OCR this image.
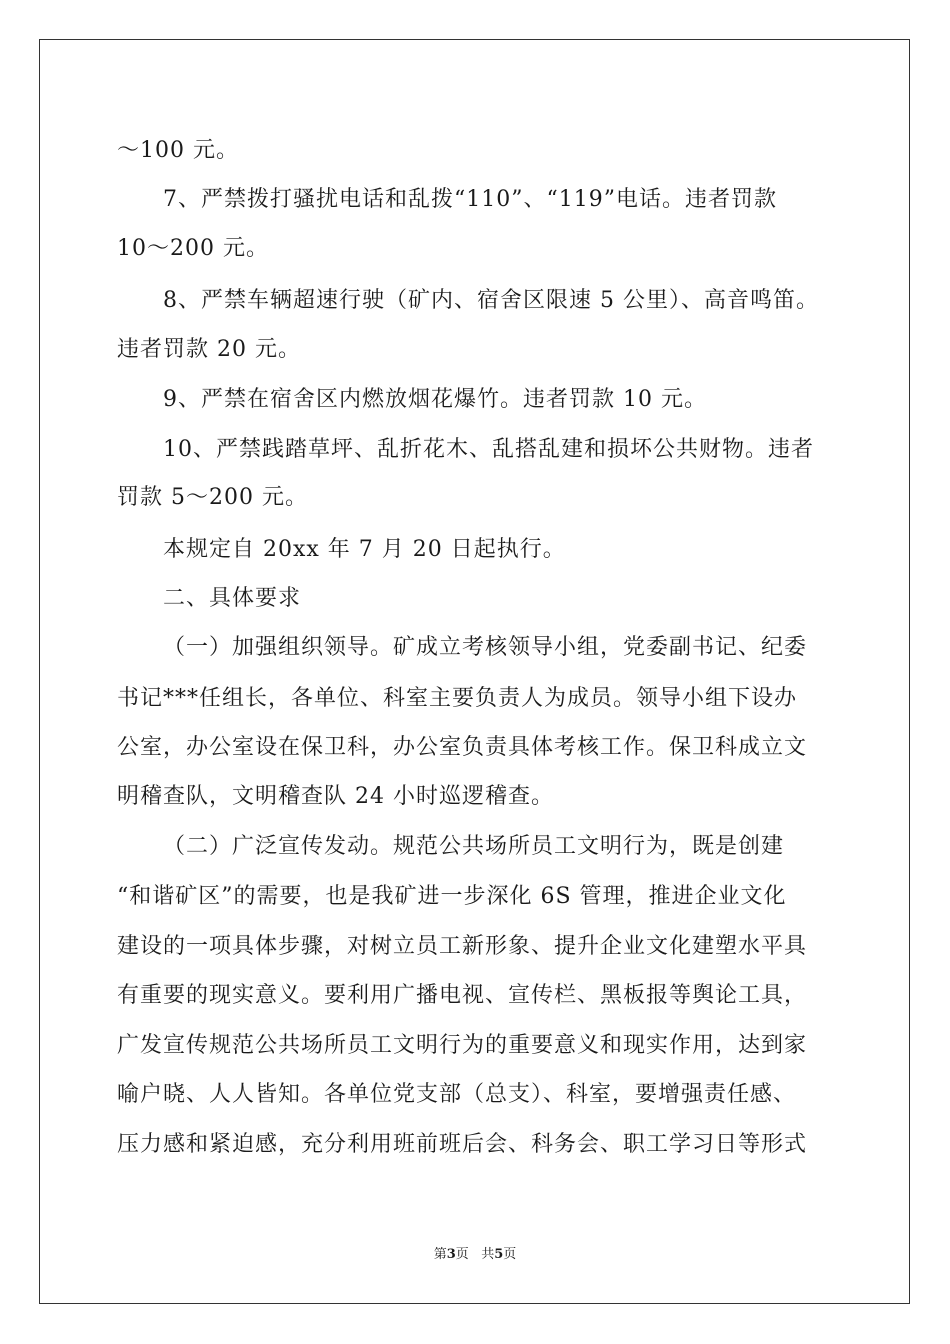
～100 元。
7、严禁拨打骚扰电话和乱拨“110”、“119”电话。违者罚款
10～200 元。
8、严禁车辆超速行驶（矿内、宿舍区限速 5 公里）、高音鸣笛。
违者罚款 20 元。
9、严禁在宿舍区内燃放烟花爆竹。违者罚款 10 元。
10、严禁践踏草坪、乱折花木、乱搭乱建和损坏公共财物。违者
罚款 5～200 元。
本规定自 20xx 年 7 月 20 日起执行。
二、具体要求
（一）加强组织领导。矿成立考核领导小组，党委副书记、纪委
书记***任组长，各单位、科室主要负责人为成员。领导小组下设办
公室，办公室设在保卫科，办公室负责具体考核工作。保卫科成立文
明稽查队，文明稽查队 24 小时巡逻稽查。
（二）广泛宣传发动。规范公共场所员工文明行为，既是创建
“和谐矿区”的需要，也是我矿进一步深化 6S 管理，推进企业文化
建设的一项具体步骤，对树立员工新形象、提升企业文化建塑水平具
有重要的现实意义。要利用广播电视、宣传栏、黑板报等舆论工具，
广发宣传规范公共场所员工文明行为的重要意义和现实作用，达到家
喻户晓、人人皆知。各单位党支部（总支）、科室，要增强责任感、
压力感和紧迫感，充分利用班前班后会、科务会、职工学习日等形式
第3页 共5页
